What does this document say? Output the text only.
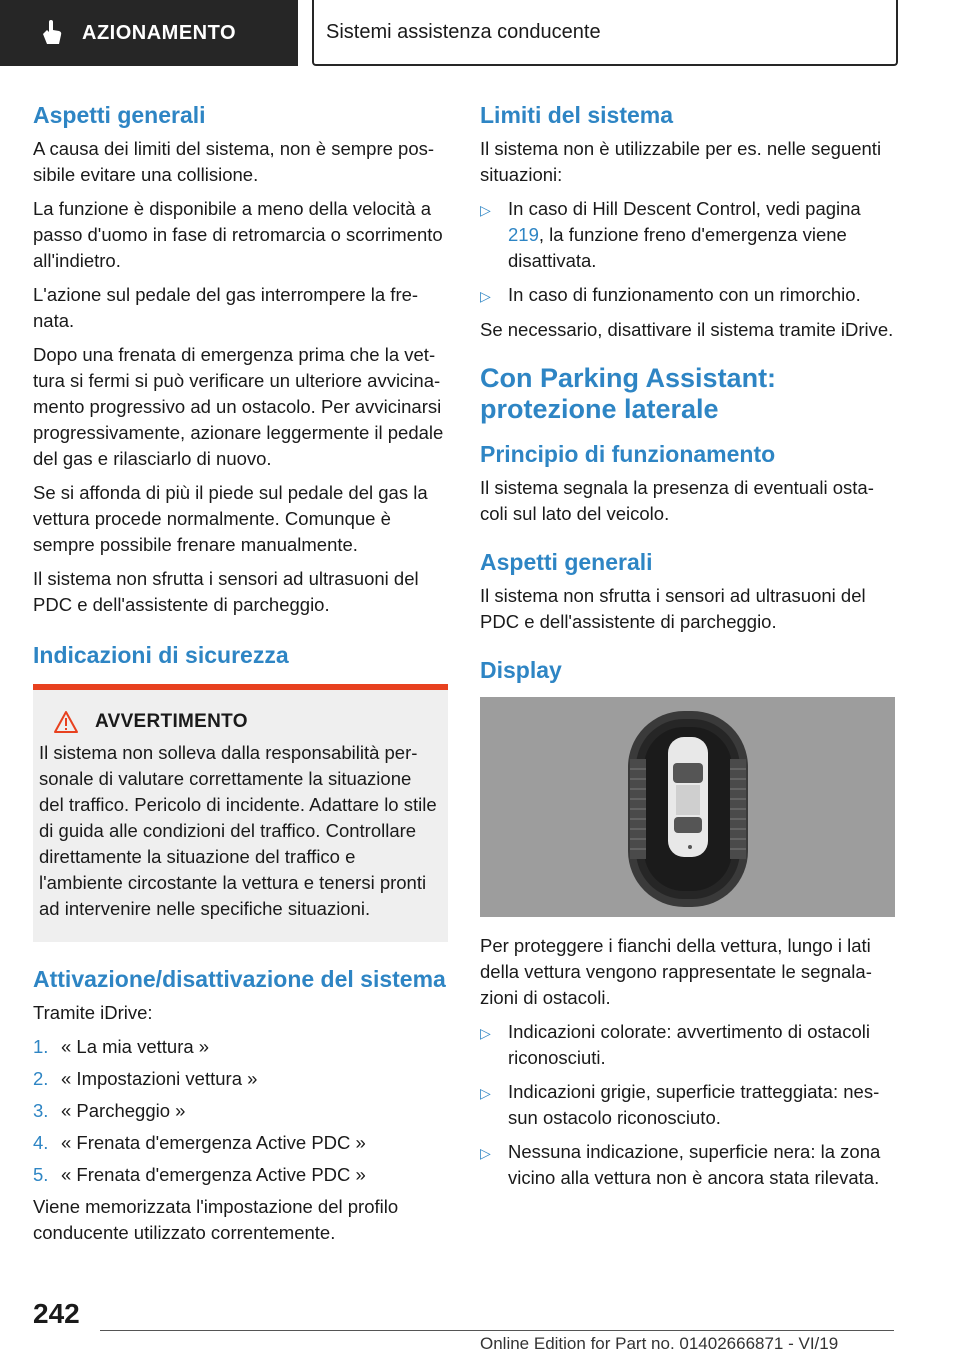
AZIONAMENTO	Sistemi assistenza conducente
Aspetti generali

A causa dei limiti del sistema, non è sempre possibile evitare una collisione.

La funzione è disponibile a meno della velocità a passo d'uomo in fase di retromarcia o scorrimento all'indietro.

L'azione sul pedale del gas interrompere la frenata.

Dopo una frenata di emergenza prima che la vettura si fermi si può verificare un ulteriore avvicinamento progressivo ad un ostacolo. Per avvicinarsi progressivamente, azionare leggermente il pedale del gas e rilasciarlo di nuovo.

Se si affonda di più il piede sul pedale del gas la vettura procede normalmente. Comunque è sempre possibile frenare manualmente.

Il sistema non sfrutta i sensori ad ultrasuoni del PDC e dell'assistente di parcheggio.

Indicazioni di sicurezza
AVVERTIMENTO

Il sistema non solleva dalla responsabilità personale di valutare correttamente la situazione del traffico. Pericolo di incidente. Adattare lo stile di guida alle condizioni del traffico. Controllare direttamente la situazione del traffico e l'ambiente circostante la vettura e tenersi pronti ad intervenire nelle specifiche situazioni.

Attivazione/disattivazione del sistema

Tramite iDrive:

1. « La mia vettura »
2. « Impostazioni vettura »
3. « Parcheggio »
4. « Frenata d'emergenza Active PDC »
5. « Frenata d'emergenza Active PDC »

Viene memorizzata l'impostazione del profilo conducente utilizzato correntemente.

Limiti del sistema

Il sistema non è utilizzabile per es. nelle seguenti situazioni:

▷ In caso di Hill Descent Control, vedi pagina 219, la funzione freno d'emergenza viene disattivata.
▷ In caso di funzionamento con un rimorchio.

Se necessario, disattivare il sistema tramite iDrive.

Con Parking Assistant: protezione laterale
Principio di funzionamento

Il sistema segnala la presenza di eventuali ostacoli sul lato del veicolo.

Aspetti generali

Il sistema non sfrutta i sensori ad ultrasuoni del PDC e dell'assistente di parcheggio.

Display

Per proteggere i fianchi della vettura, lungo i lati della vettura vengono rappresentate le segnalazioni di ostacoli.

▷ Indicazioni colorate: avvertimento di ostacoli riconosciuti.
▷ Indicazioni grigie, superficie tratteggiata: nessun ostacolo riconosciuto.
▷ Nessuna indicazione, superficie nera: la zona vicino alla vettura non è ancora stata rilevata.
242
Online Edition for Part no. 01402666871 - VI/19
